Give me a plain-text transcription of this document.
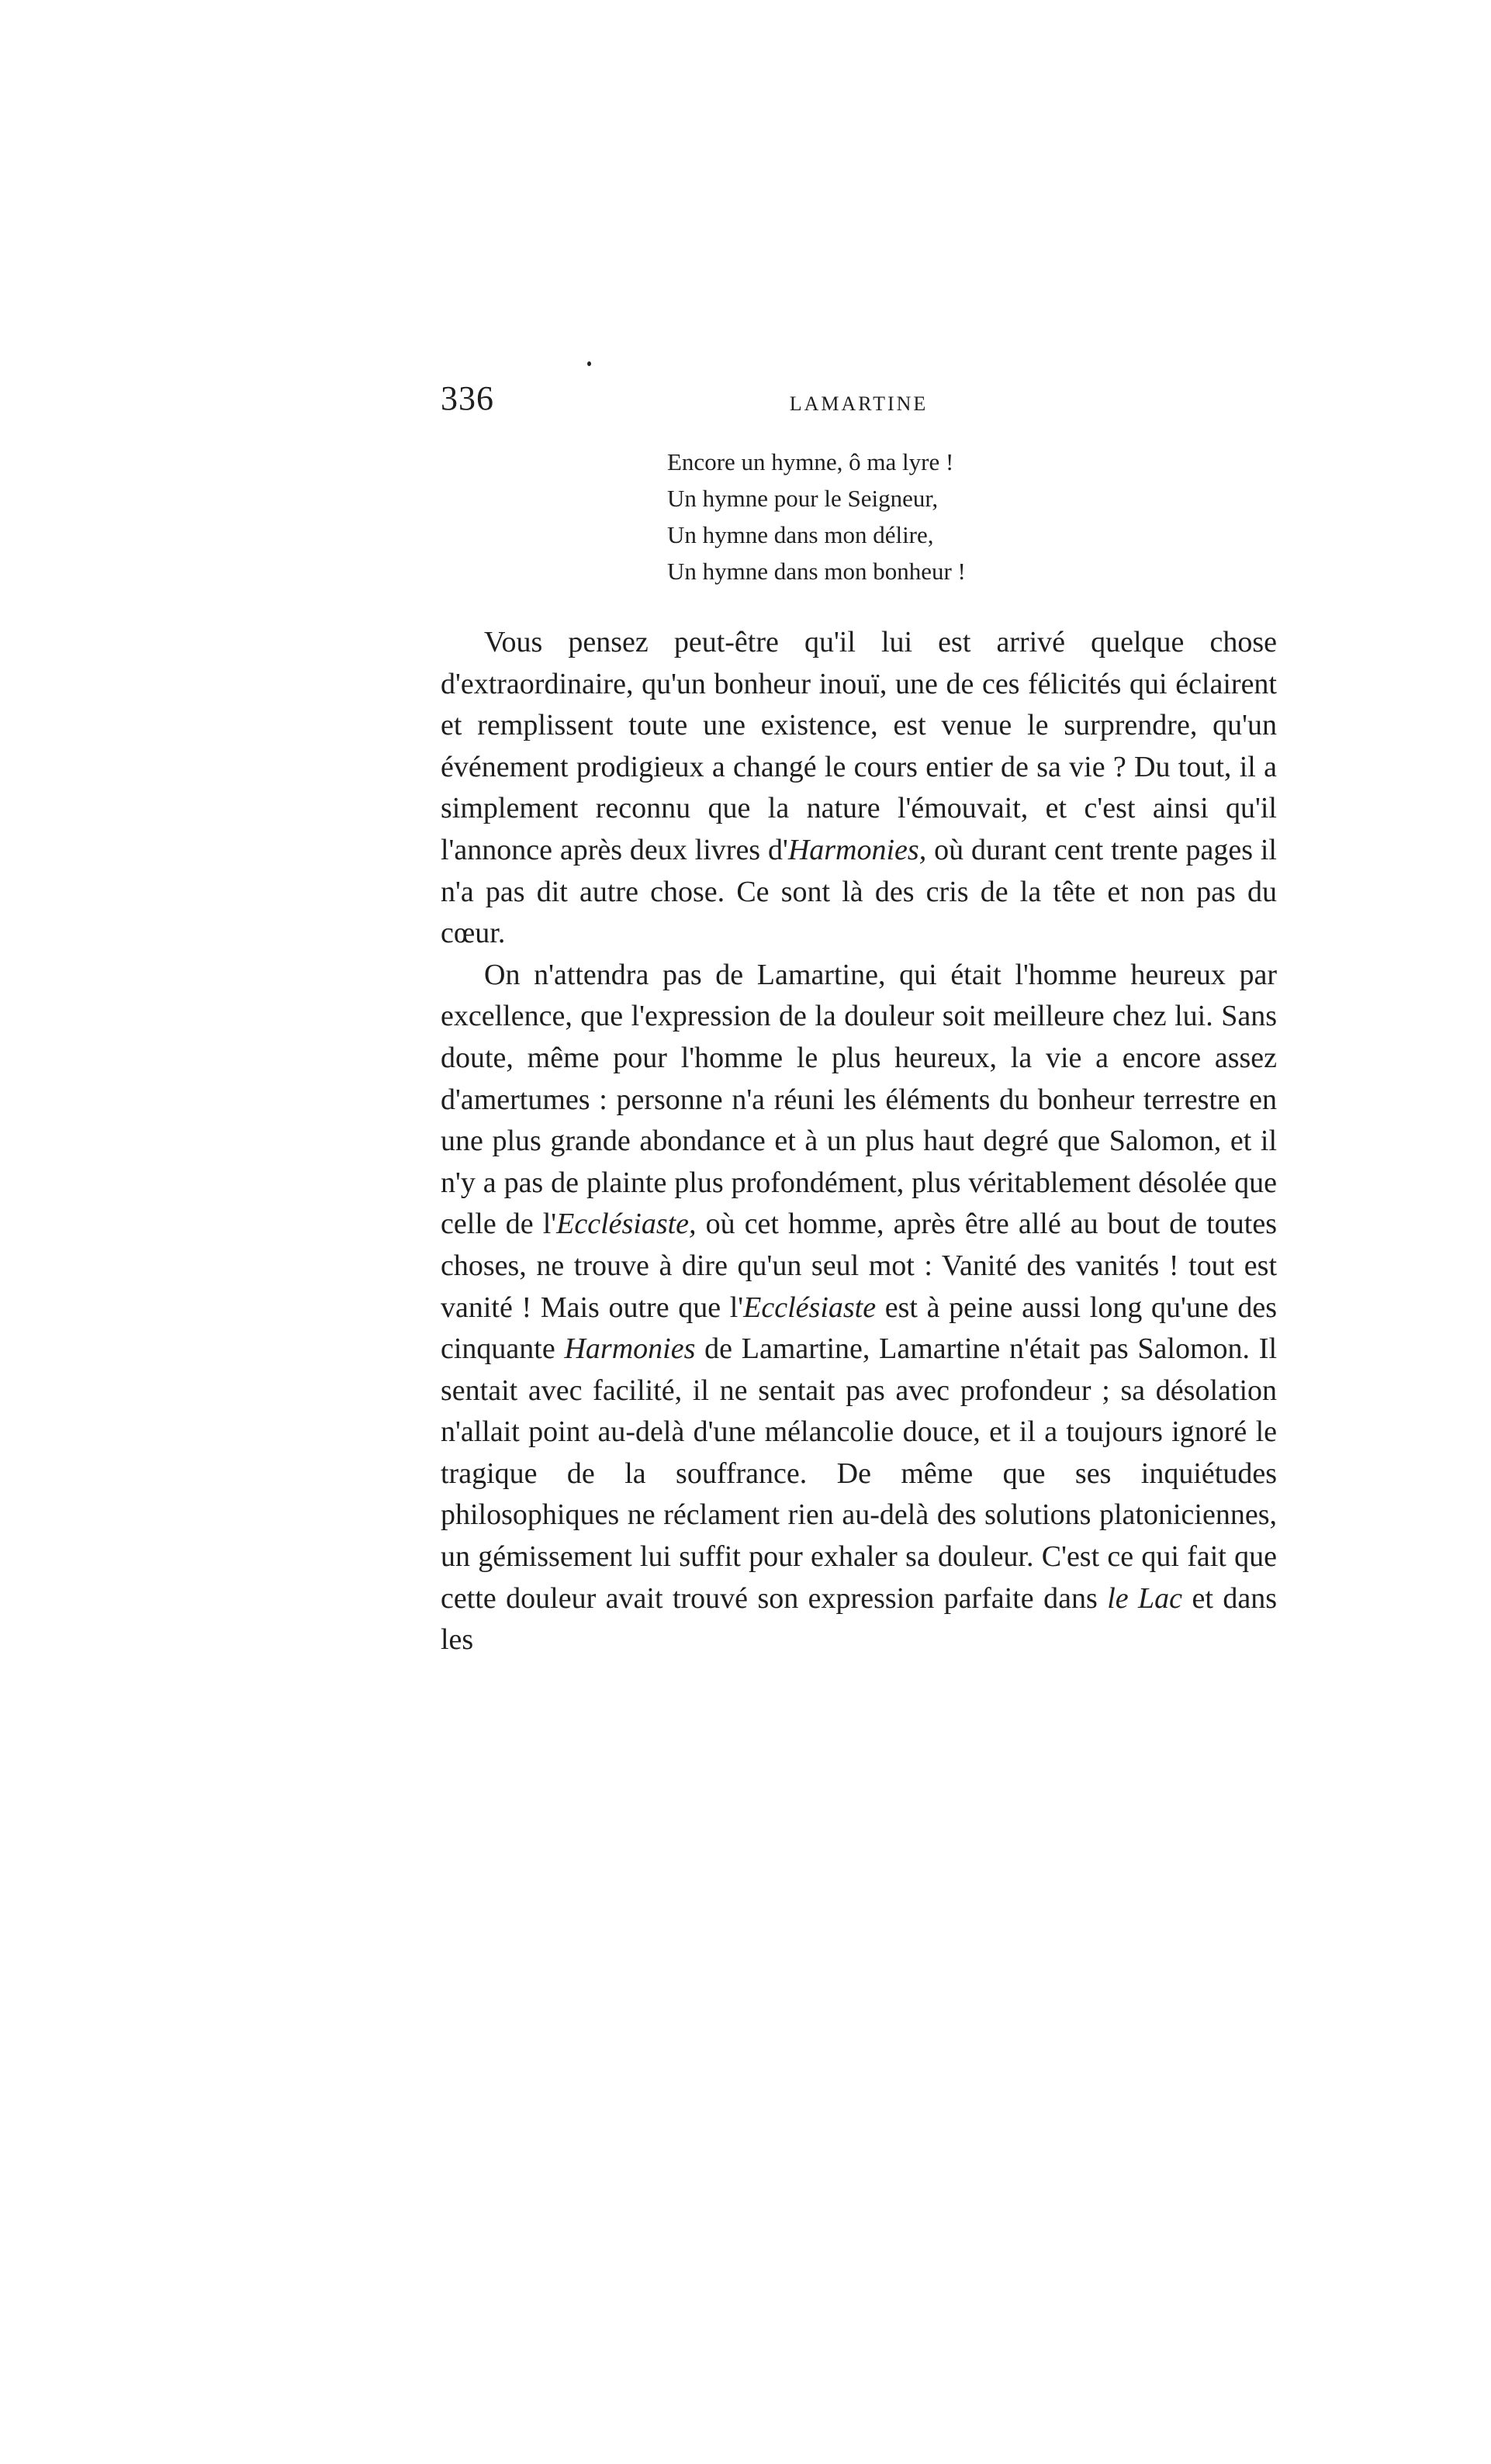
336	LAMARTINE
Encore un hymne, ô ma lyre !
Un hymne pour le Seigneur,
Un hymne dans mon délire,
Un hymne dans mon bonheur !

Vous pensez peut-être qu'il lui est arrivé quelque chose d'extraordinaire, qu'un bonheur inouï, une de ces félicités qui éclairent et remplissent toute une existence, est venue le surprendre, qu'un événement prodigieux a changé le cours entier de sa vie ? Du tout, il a simplement reconnu que la nature l'émouvait, et c'est ainsi qu'il l'annonce après deux livres d'Harmonies, où durant cent trente pages il n'a pas dit autre chose. Ce sont là des cris de la tête et non pas du cœur.

On n'attendra pas de Lamartine, qui était l'homme heureux par excellence, que l'expression de la douleur soit meilleure chez lui. Sans doute, même pour l'homme le plus heureux, la vie a encore assez d'amertumes : personne n'a réuni les éléments du bonheur terrestre en une plus grande abondance et à un plus haut degré que Salomon, et il n'y a pas de plainte plus profondément, plus véritablement désolée que celle de l'Ecclésiaste, où cet homme, après être allé au bout de toutes choses, ne trouve à dire qu'un seul mot : Vanité des vanités ! tout est vanité ! Mais outre que l'Ecclésiaste est à peine aussi long qu'une des cinquante Harmonies de Lamartine, Lamartine n'était pas Salomon. Il sentait avec facilité, il ne sentait pas avec profondeur ; sa désolation n'allait point au-delà d'une mélancolie douce, et il a toujours ignoré le tragique de la souffrance. De même que ses inquiétudes philosophiques ne réclament rien au-delà des solutions platoniciennes, un gémissement lui suffit pour exhaler sa douleur. C'est ce qui fait que cette douleur avait trouvé son expression parfaite dans le Lac et dans les
